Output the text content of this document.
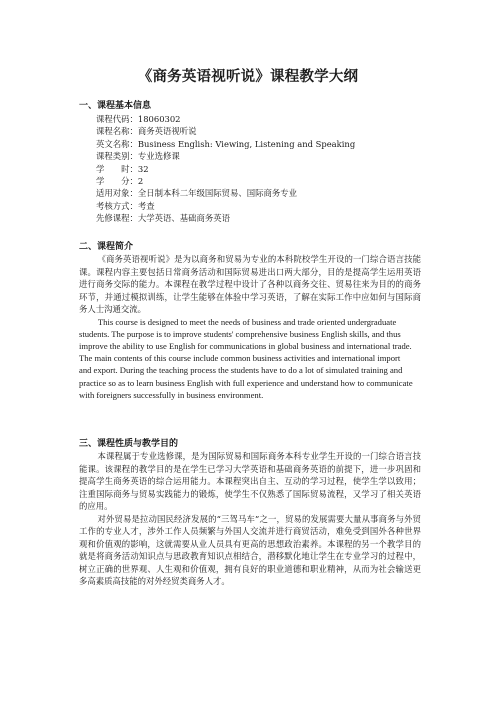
《商务英语视听说》课程教学大纲
一、课程基本信息
课程代码：18060302
课程名称：商务英语视听说
英文名称：Business English: Viewing, Listening and Speaking
课程类别：专业选修课
学　　时：32
学　　分：2
适用对象：全日制本科二年级国际贸易、国际商务专业
考核方式：考查
先修课程：大学英语、基础商务英语
二、课程简介

《商务英语视听说》是为以商务和贸易为专业的本科院校学生开设的一门综合语言技能课。课程内容主要包括日常商务活动和国际贸易进出口两大部分，目的是提高学生运用英语进行商务交际的能力。本课程在教学过程中设计了各种以商务交往、贸易往来为目的的商务环节，并通过模拟训练，让学生能够在体验中学习英语，了解在实际工作中应如何与国际商务人士沟通交流。

This course is designed to meet the needs of business and trade oriented undergraduate students. The purpose is to improve students' comprehensive business English skills, and thus improve the ability to use English for communications in global business and international trade. The main contents of this course include common business activities and international import and export. During the teaching process the students have to do a lot of simulated training and practice so as to learn business English with full experience and understand how to communicate with foreigners successfully in business environment.

三、课程性质与教学目的

本课程属于专业选修课，是为国际贸易和国际商务本科专业学生开设的一门综合语言技能课。该课程的教学目的是在学生已学习大学英语和基础商务英语的前提下，进一步巩固和提高学生商务英语的综合运用能力。本课程突出自主、互动的学习过程，使学生学以致用；注重国际商务与贸易实践能力的锻炼，使学生不仅熟悉了国际贸易流程，又学习了相关英语的应用。

对外贸易是拉动国民经济发展的“三驾马车”之一，贸易的发展需要大量从事商务与外贸工作的专业人才，涉外工作人员频繁与外国人交流并进行商贸活动，难免受到国外各种世界观和价值观的影响，这就需要从业人员具有更高的思想政治素养。本课程的另一个教学目的就是将商务活动知识点与思政教育知识点相结合，潜移默化地让学生在专业学习的过程中，树立正确的世界观、人生观和价值观，拥有良好的职业道德和职业精神，从而为社会输送更多高素质高技能的对外经贸类商务人才。
